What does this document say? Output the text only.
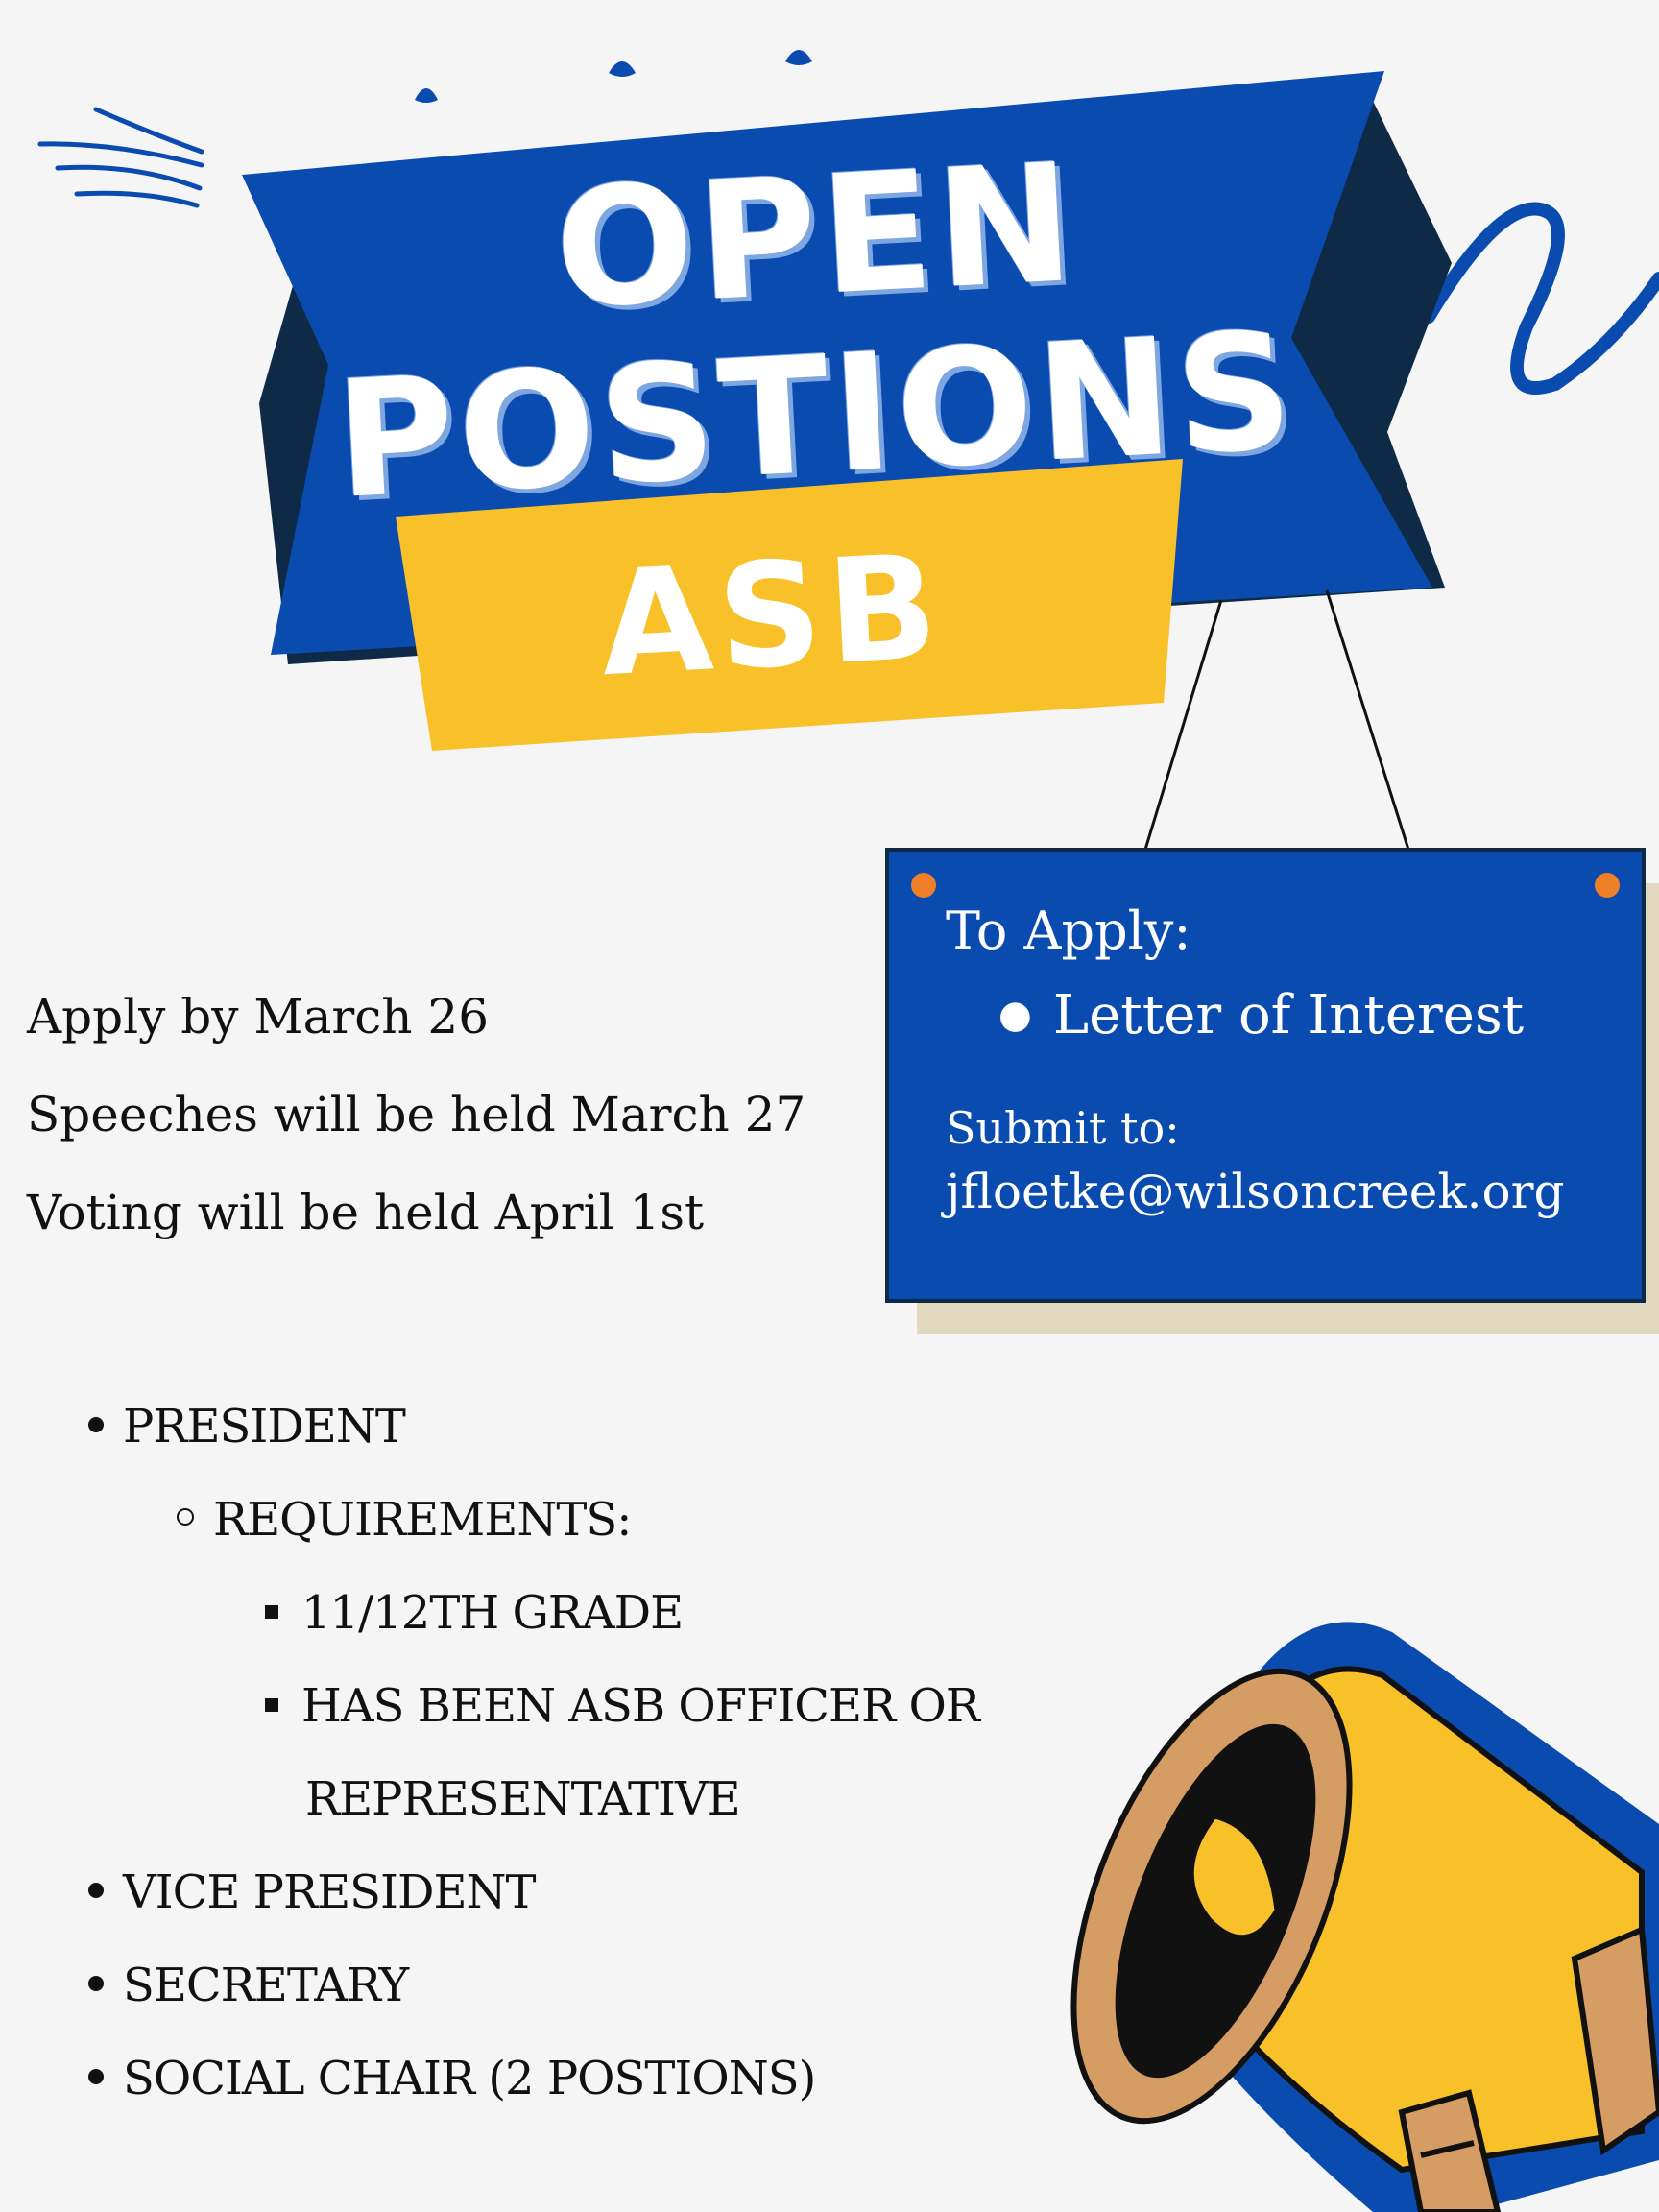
OPEN
POSTIONS
ASB
Apply by March 26
Speeches will be held March 27
Voting will be held April 1st
To Apply:
● Letter of Interest
Submit to:
jfloetke@wilsoncreek.org
PRESIDENT
REQUIREMENTS:
11/12TH GRADE
HAS BEEN ASB OFFICER OR
REPRESENTATIVE
VICE PRESIDENT
SECRETARY
SOCIAL CHAIR (2 POSTIONS)
